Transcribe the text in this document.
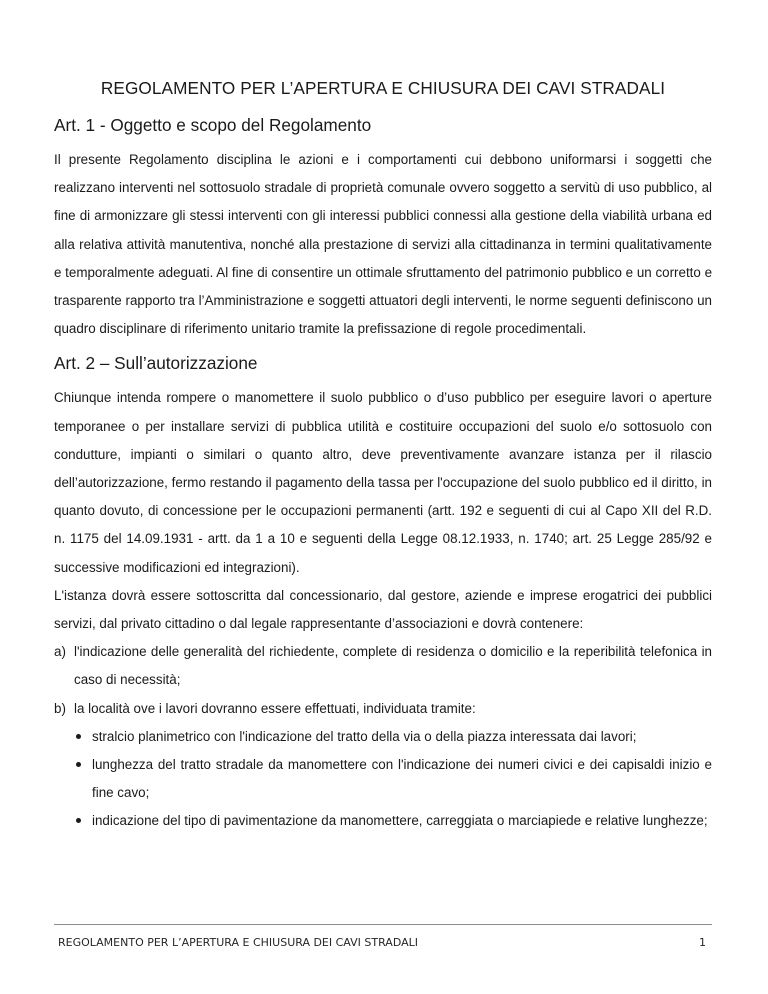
REGOLAMENTO PER L’APERTURA E CHIUSURA DEI CAVI STRADALI
Art. 1 - Oggetto e scopo del Regolamento

Il presente Regolamento disciplina le azioni e i comportamenti cui debbono uniformarsi i soggetti che realizzano interventi nel sottosuolo stradale di proprietà comunale ovvero soggetto a servitù di uso pubblico, al fine di armonizzare gli stessi interventi con gli interessi pubblici connessi alla gestione della viabilità urbana ed alla relativa attività manutentiva, nonché alla prestazione di servizi alla cittadinanza in termini qualitativamente e temporalmente adeguati. Al fine di consentire un ottimale sfruttamento del patrimonio pubblico e un corretto e trasparente rapporto tra l’Amministrazione e soggetti attuatori degli interventi, le norme seguenti definiscono un quadro disciplinare di riferimento unitario tramite la prefissazione di regole procedimentali.

Art. 2 – Sull’autorizzazione

Chiunque intenda rompere o manomettere il suolo pubblico o d’uso pubblico per eseguire lavori o aperture temporanee o per installare servizi di pubblica utilità e costituire occupazioni del suolo e/o sottosuolo con condutture, impianti o similari o quanto altro, deve preventivamente avanzare istanza per il rilascio dell’autorizzazione, fermo restando il pagamento della tassa per l'occupazione del suolo pubblico ed il diritto, in quanto dovuto, di concessione per le occupazioni permanenti (artt. 192 e seguenti di cui al Capo XII del R.D. n. 1175 del 14.09.1931 - artt. da 1 a 10 e seguenti della Legge 08.12.1933, n. 1740; art. 25 Legge 285/92 e successive modificazioni ed integrazioni).

L'istanza dovrà essere sottoscritta dal concessionario, dal gestore, aziende e imprese erogatrici dei pubblici servizi, dal privato cittadino o dal legale rappresentante d’associazioni e dovrà contenere:

a) l'indicazione delle generalità del richiedente, complete di residenza o domicilio e la reperibilità telefonica in caso di necessità;
b) la località ove i lavori dovranno essere effettuati, individuata tramite:
stralcio planimetrico con l'indicazione del tratto della via o della piazza interessata dai lavori;
lunghezza del tratto stradale da manomettere con l'indicazione dei numeri civici e dei capisaldi inizio e fine cavo;
indicazione del tipo di pavimentazione da manomettere, carreggiata o marciapiede e relative lunghezze;
REGOLAMENTO PER L’APERTURA E CHIUSURA DEI CAVI STRADALI	1
